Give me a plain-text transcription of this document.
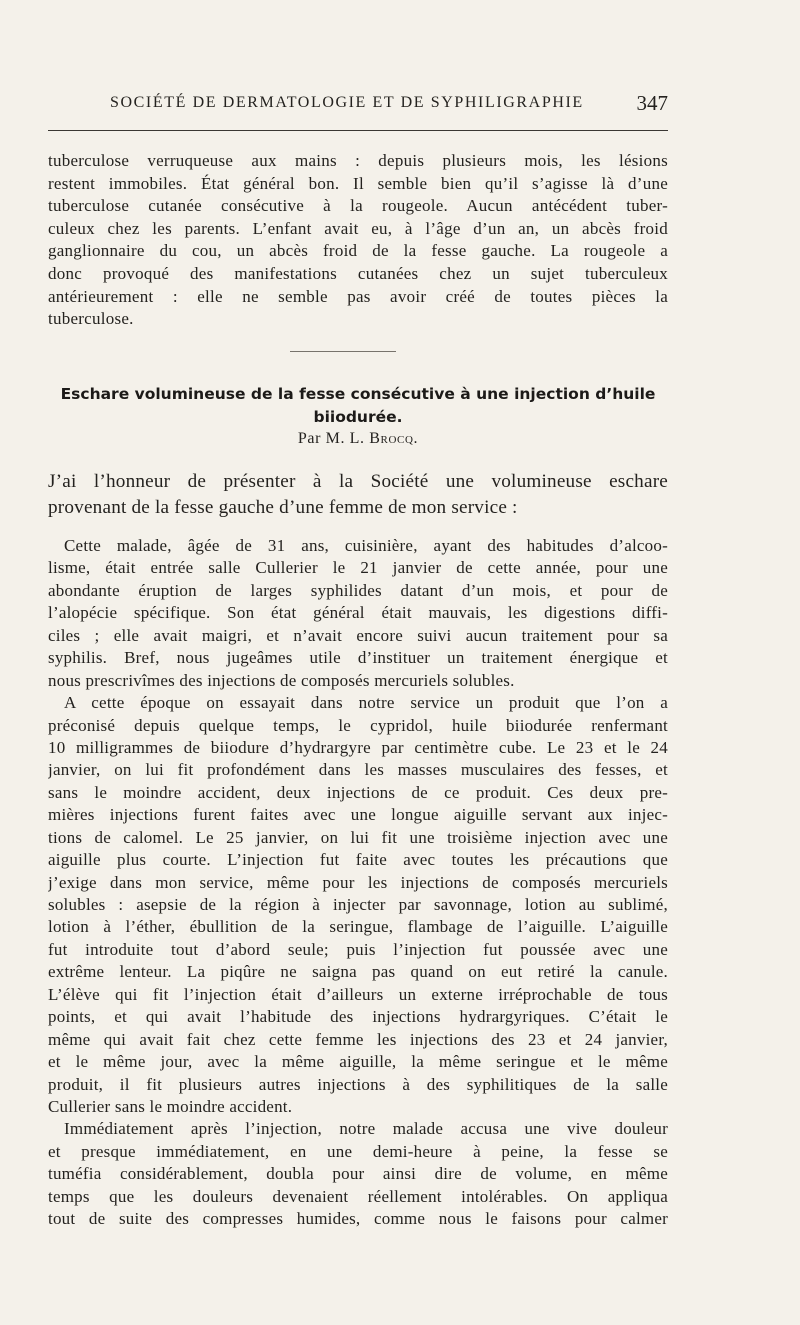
SOCIÉTÉ DE DERMATOLOGIE ET DE SYPHILIGRAPHIE	347
tuberculose verruqueuse aux mains : depuis plusieurs mois, les lésions
restent immobiles. État général bon. Il semble bien qu’il s’agisse là d’une
tuberculose cutanée consécutive à la rougeole. Aucun antécédent tuber-
culeux chez les parents. L’enfant avait eu, à l’âge d’un an, un abcès froid
ganglionnaire du cou, un abcès froid de la fesse gauche. La rougeole a
donc provoqué des manifestations cutanées chez un sujet tuberculeux
antérieurement : elle ne semble pas avoir créé de toutes pièces la
tuberculose.
Eschare volumineuse de la fesse consécutive à une injection d’huile
biiodurée.
Par M. L. Brocq.
J’ai l’honneur de présenter à la Société une volumineuse eschare
provenant de la fesse gauche d’une femme de mon service :
Cette malade, âgée de 31 ans, cuisinière, ayant des habitudes d’alcoo-
lisme, était entrée salle Cullerier le 21 janvier de cette année, pour une
abondante éruption de larges syphilides datant d’un mois, et pour de
l’alopécie spécifique. Son état général était mauvais, les digestions diffi-
ciles ; elle avait maigri, et n’avait encore suivi aucun traitement pour sa
syphilis. Bref, nous jugeâmes utile d’instituer un traitement énergique et
nous prescrivîmes des injections de composés mercuriels solubles.
A cette époque on essayait dans notre service un produit que l’on a
préconisé depuis quelque temps, le cypridol, huile biiodurée renfermant
10 milligrammes de biiodure d’hydrargyre par centimètre cube. Le 23 et le 24
janvier, on lui fit profondément dans les masses musculaires des fesses, et
sans le moindre accident, deux injections de ce produit. Ces deux pre-
mières injections furent faites avec une longue aiguille servant aux injec-
tions de calomel. Le 25 janvier, on lui fit une troisième injection avec une
aiguille plus courte. L’injection fut faite avec toutes les précautions que
j’exige dans mon service, même pour les injections de composés mercuriels
solubles : asepsie de la région à injecter par savonnage, lotion au sublimé,
lotion à l’éther, ébullition de la seringue, flambage de l’aiguille. L’aiguille
fut introduite tout d’abord seule; puis l’injection fut poussée avec une
extrême lenteur. La piqûre ne saigna pas quand on eut retiré la canule.
L’élève qui fit l’injection était d’ailleurs un externe irréprochable de tous
points, et qui avait l’habitude des injections hydrargyriques. C’était le
même qui avait fait chez cette femme les injections des 23 et 24 janvier,
et le même jour, avec la même aiguille, la même seringue et le même
produit, il fit plusieurs autres injections à des syphilitiques de la salle
Cullerier sans le moindre accident.
Immédiatement après l’injection, notre malade accusa une vive douleur
et presque immédiatement, en une demi-heure à peine, la fesse se
tuméfia considérablement, doubla pour ainsi dire de volume, en même
temps que les douleurs devenaient réellement intolérables. On appliqua
tout de suite des compresses humides, comme nous le faisons pour calmer
